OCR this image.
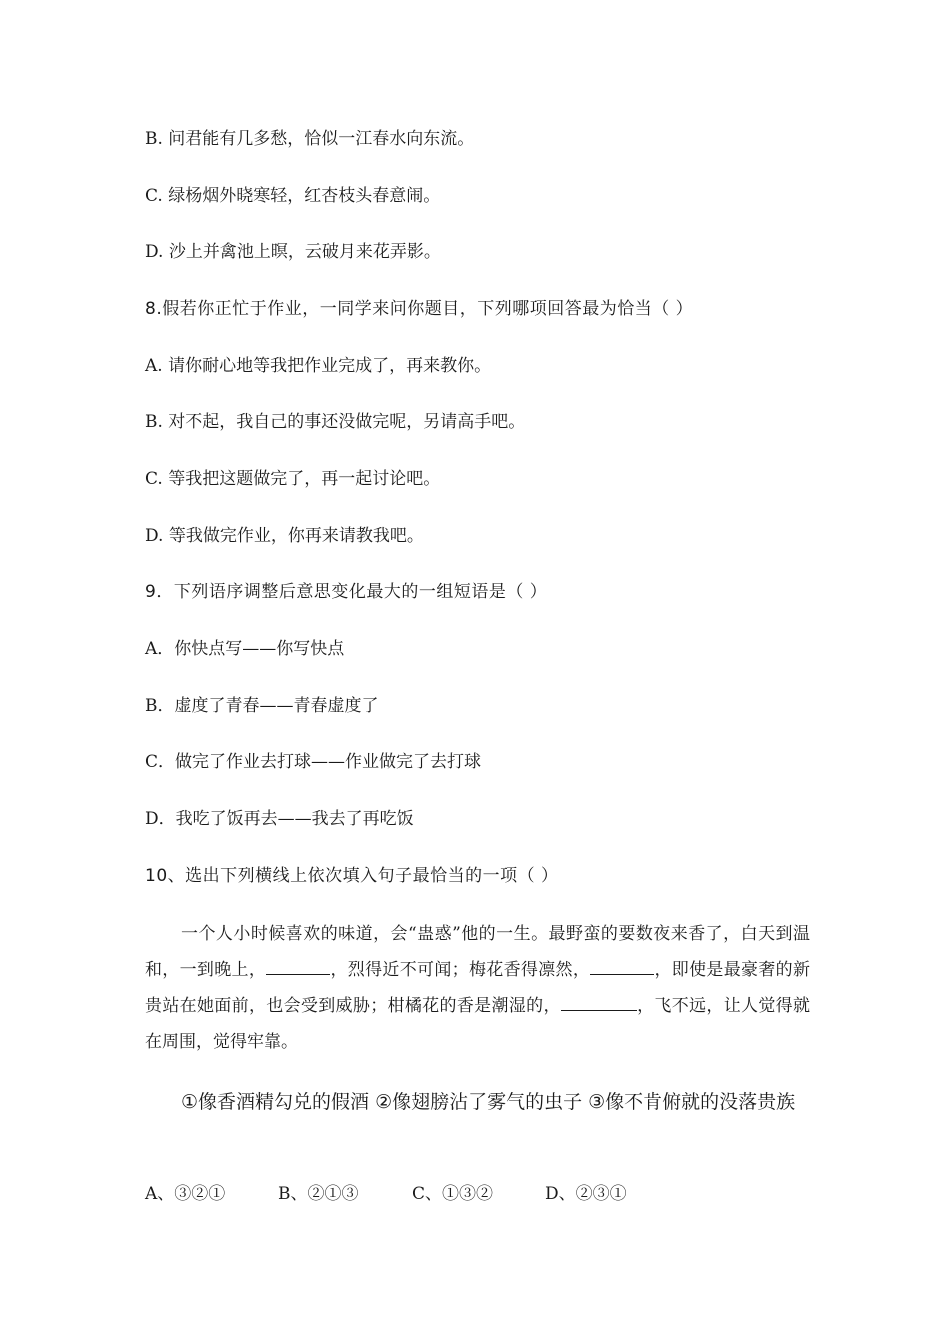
B. 问君能有几多愁，恰似一江春水向东流。
C. 绿杨烟外晓寒轻，红杏枝头春意闹。
D. 沙上并禽池上暝，云破月来花弄影。
8.假若你正忙于作业，一同学来问你题目，下列哪项回答最为恰当（ ）
A. 请你耐心地等我把作业完成了，再来教你。
B. 对不起，我自己的事还没做完呢，另请高手吧。
C. 等我把这题做完了，再一起讨论吧。
D. 等我做完作业，你再来请教我吧。
9．下列语序调整后意思变化最大的一组短语是（ ）
A．你快点写——你写快点
B．虚度了青春——青春虚度了
C．做完了作业去打球——作业做完了去打球
D．我吃了饭再去——我去了再吃饭
10、选出下列横线上依次填入句子最恰当的一项（ ）
一个人小时候喜欢的味道，会“蛊惑”他的一生。最野蛮的要数夜来香了，白天到温和，一到晚上，	，烈得近不可闻；梅花香得凛然，	，即使是最豪奢的新贵站在她面前，也会受到威胁；柑橘花的香是潮湿的，	，飞不远，让人觉得就在周围，觉得牢靠。
①像香酒精勾兑的假酒 ②像翅膀沾了雾气的虫子 ③像不肯俯就的没落贵族
A、③②①	B、②①③	C、①③②	D、②③①
